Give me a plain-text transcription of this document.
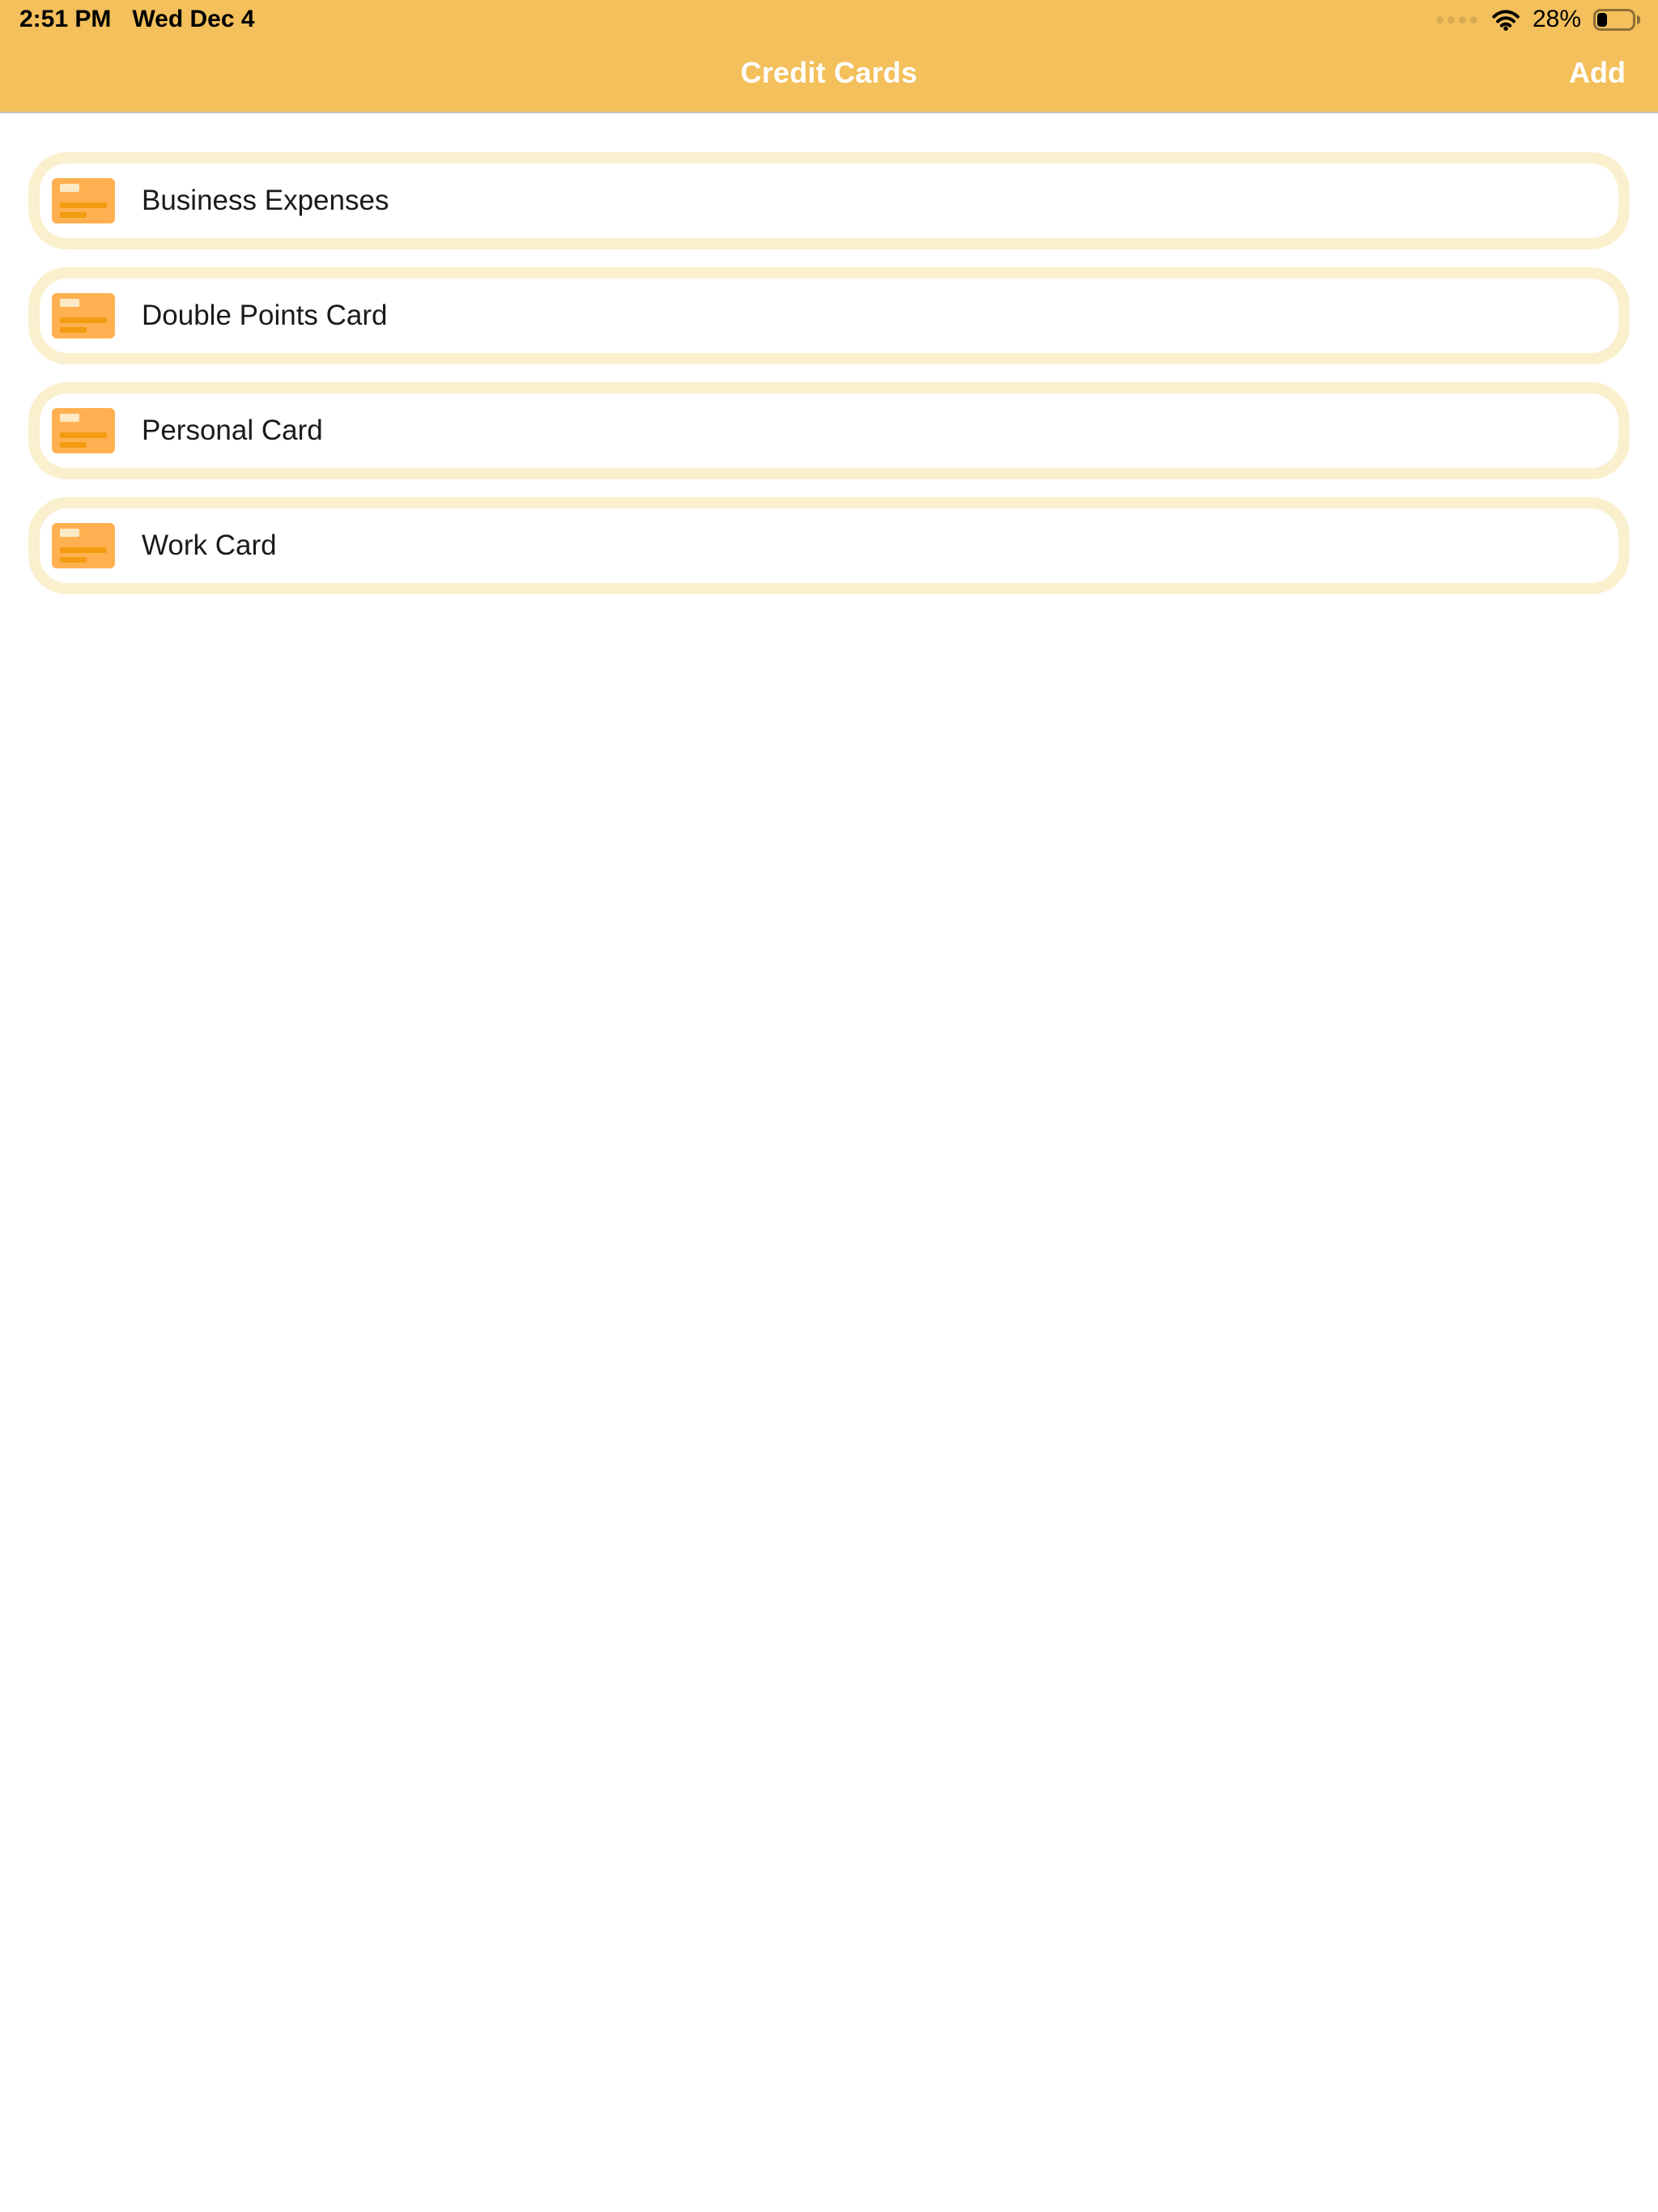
2:51 PM Wed Dec 4	28%
Credit Cards	Add
Business Expenses
Double Points Card
Personal Card
Work Card
